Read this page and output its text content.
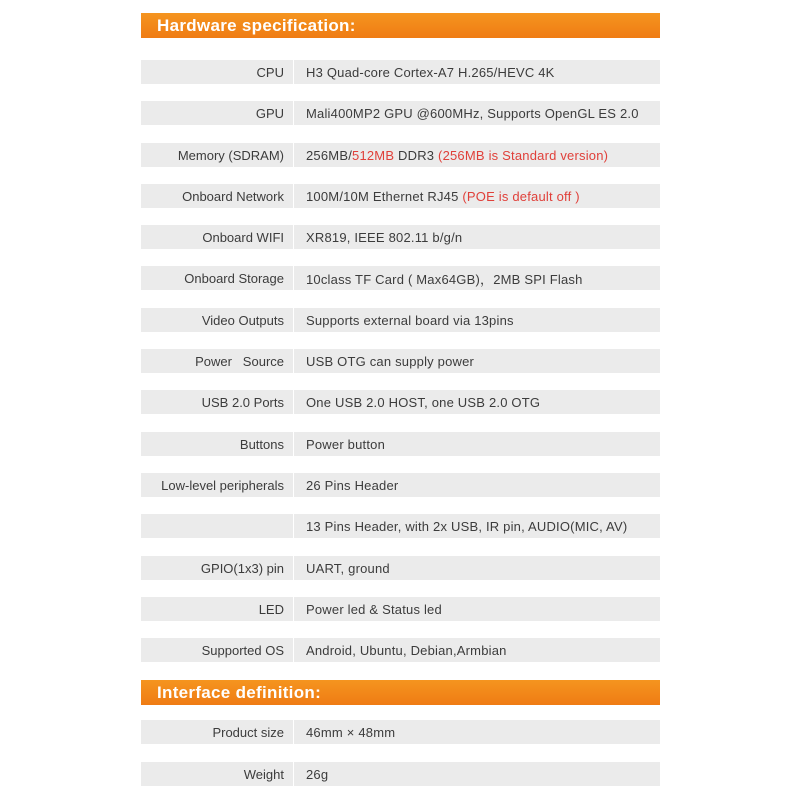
Hardware specification:
CPU H3 Quad-core Cortex-A7 H.265/HEVC 4K
GPU Mali400MP2 GPU @600MHz, Supports OpenGL ES 2.0
Memory (SDRAM) 256MB/512MB DDR3 (256MB is Standard version)
Onboard Network 100M/10M Ethernet RJ45 (POE is default off )
Onboard WIFI XR819, IEEE 802.11 b/g/n
Onboard Storage 10class TF Card ( Max64GB)，2MB SPI Flash
Video Outputs Supports external board via 13pins
Power   Source USB OTG can supply power
USB 2.0 Ports One USB 2.0 HOST, one USB 2.0 OTG
Buttons Power button
Low-level peripherals 26 Pins Header
13 Pins Header, with 2x USB, IR pin, AUDIO(MIC, AV)
GPIO(1x3) pin UART, ground
LED Power led & Status led
Supported OS Android, Ubuntu, Debian,Armbian
Interface definition:
Product size 46mm × 48mm
Weight 26g
